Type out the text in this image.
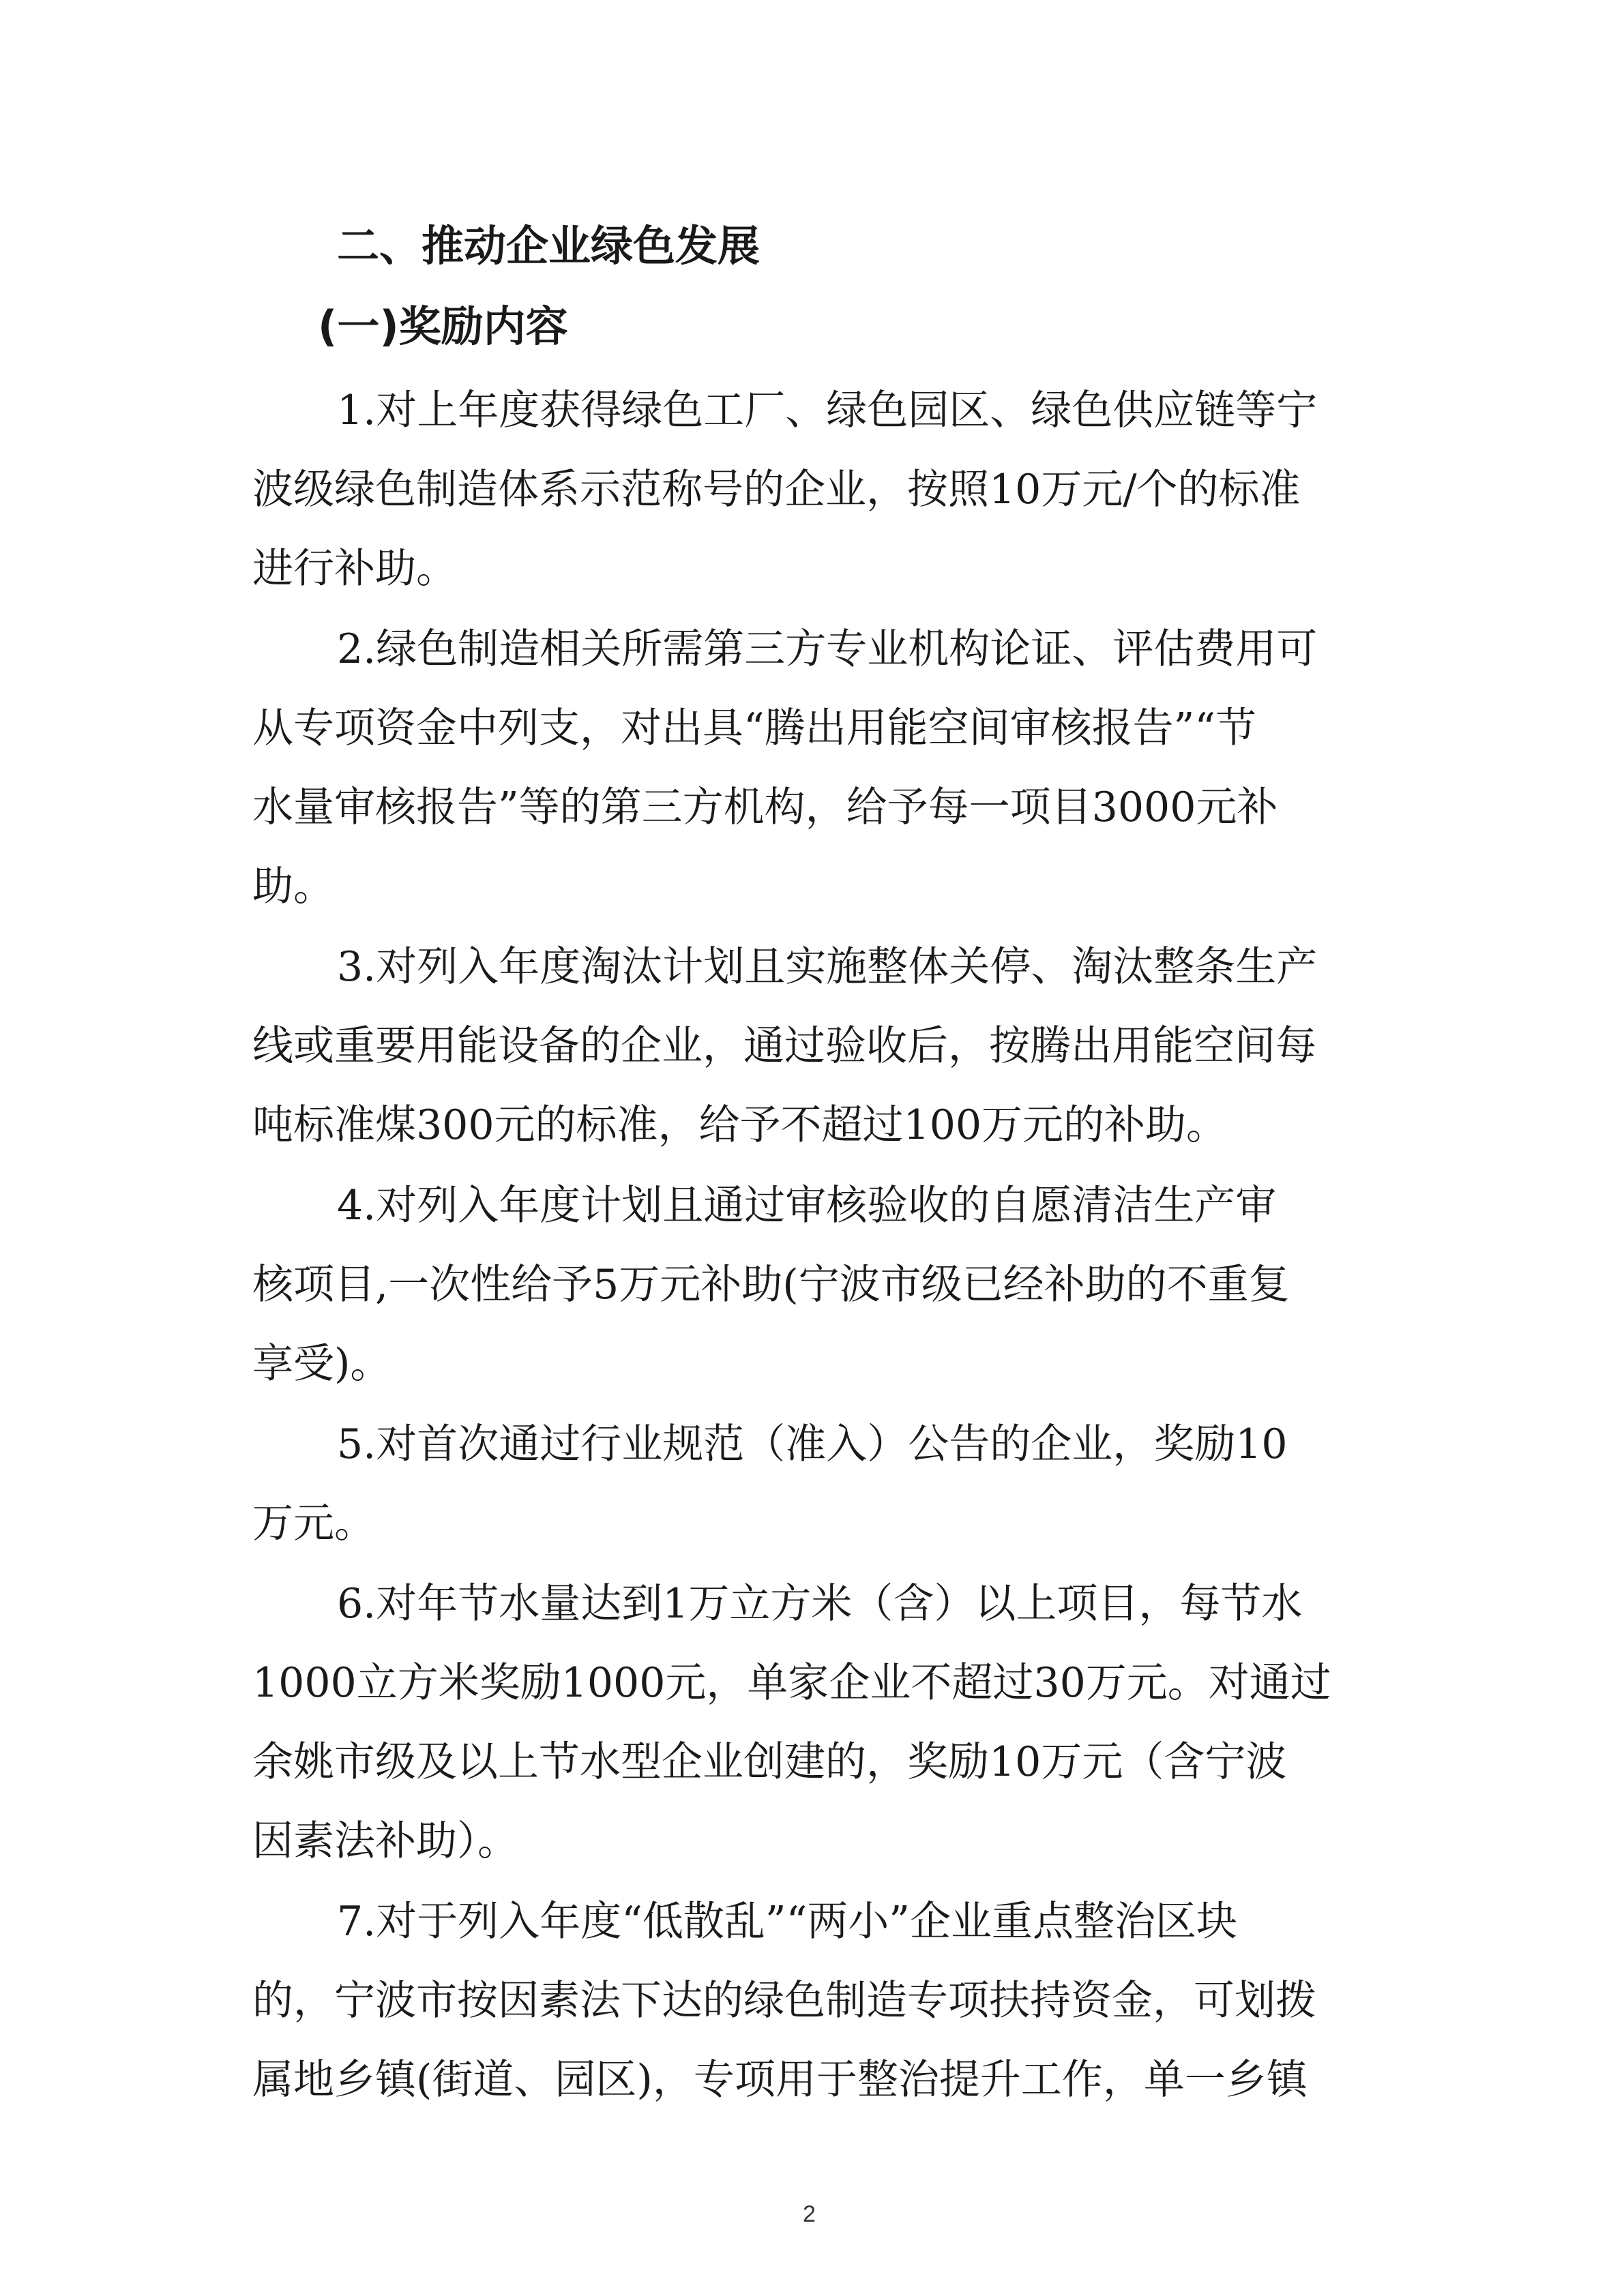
二、推动企业绿色发展
(一)奖励内容
1.对上年度获得绿色工厂、绿色园区、绿色供应链等宁
波级绿色制造体系示范称号的企业，按照10万元/个的标准
进行补助。
2.绿色制造相关所需第三方专业机构论证、评估费用可
从专项资金中列支，对出具“腾出用能空间审核报告”“节
水量审核报告”等的第三方机构，给予每一项目3000元补
助。
3.对列入年度淘汰计划且实施整体关停、淘汰整条生产
线或重要用能设备的企业，通过验收后，按腾出用能空间每
吨标准煤300元的标准，给予不超过100万元的补助。
4.对列入年度计划且通过审核验收的自愿清洁生产审
核项目,一次性给予5万元补助(宁波市级已经补助的不重复
享受)。
5.对首次通过行业规范（准入）公告的企业，奖励10
万元。
6.对年节水量达到1万立方米（含）以上项目，每节水
1000立方米奖励1000元，单家企业不超过30万元。对通过
余姚市级及以上节水型企业创建的，奖励10万元（含宁波
因素法补助）。
7.对于列入年度“低散乱”“两小”企业重点整治区块
的，宁波市按因素法下达的绿色制造专项扶持资金，可划拨
属地乡镇(街道、园区)，专项用于整治提升工作，单一乡镇
2
